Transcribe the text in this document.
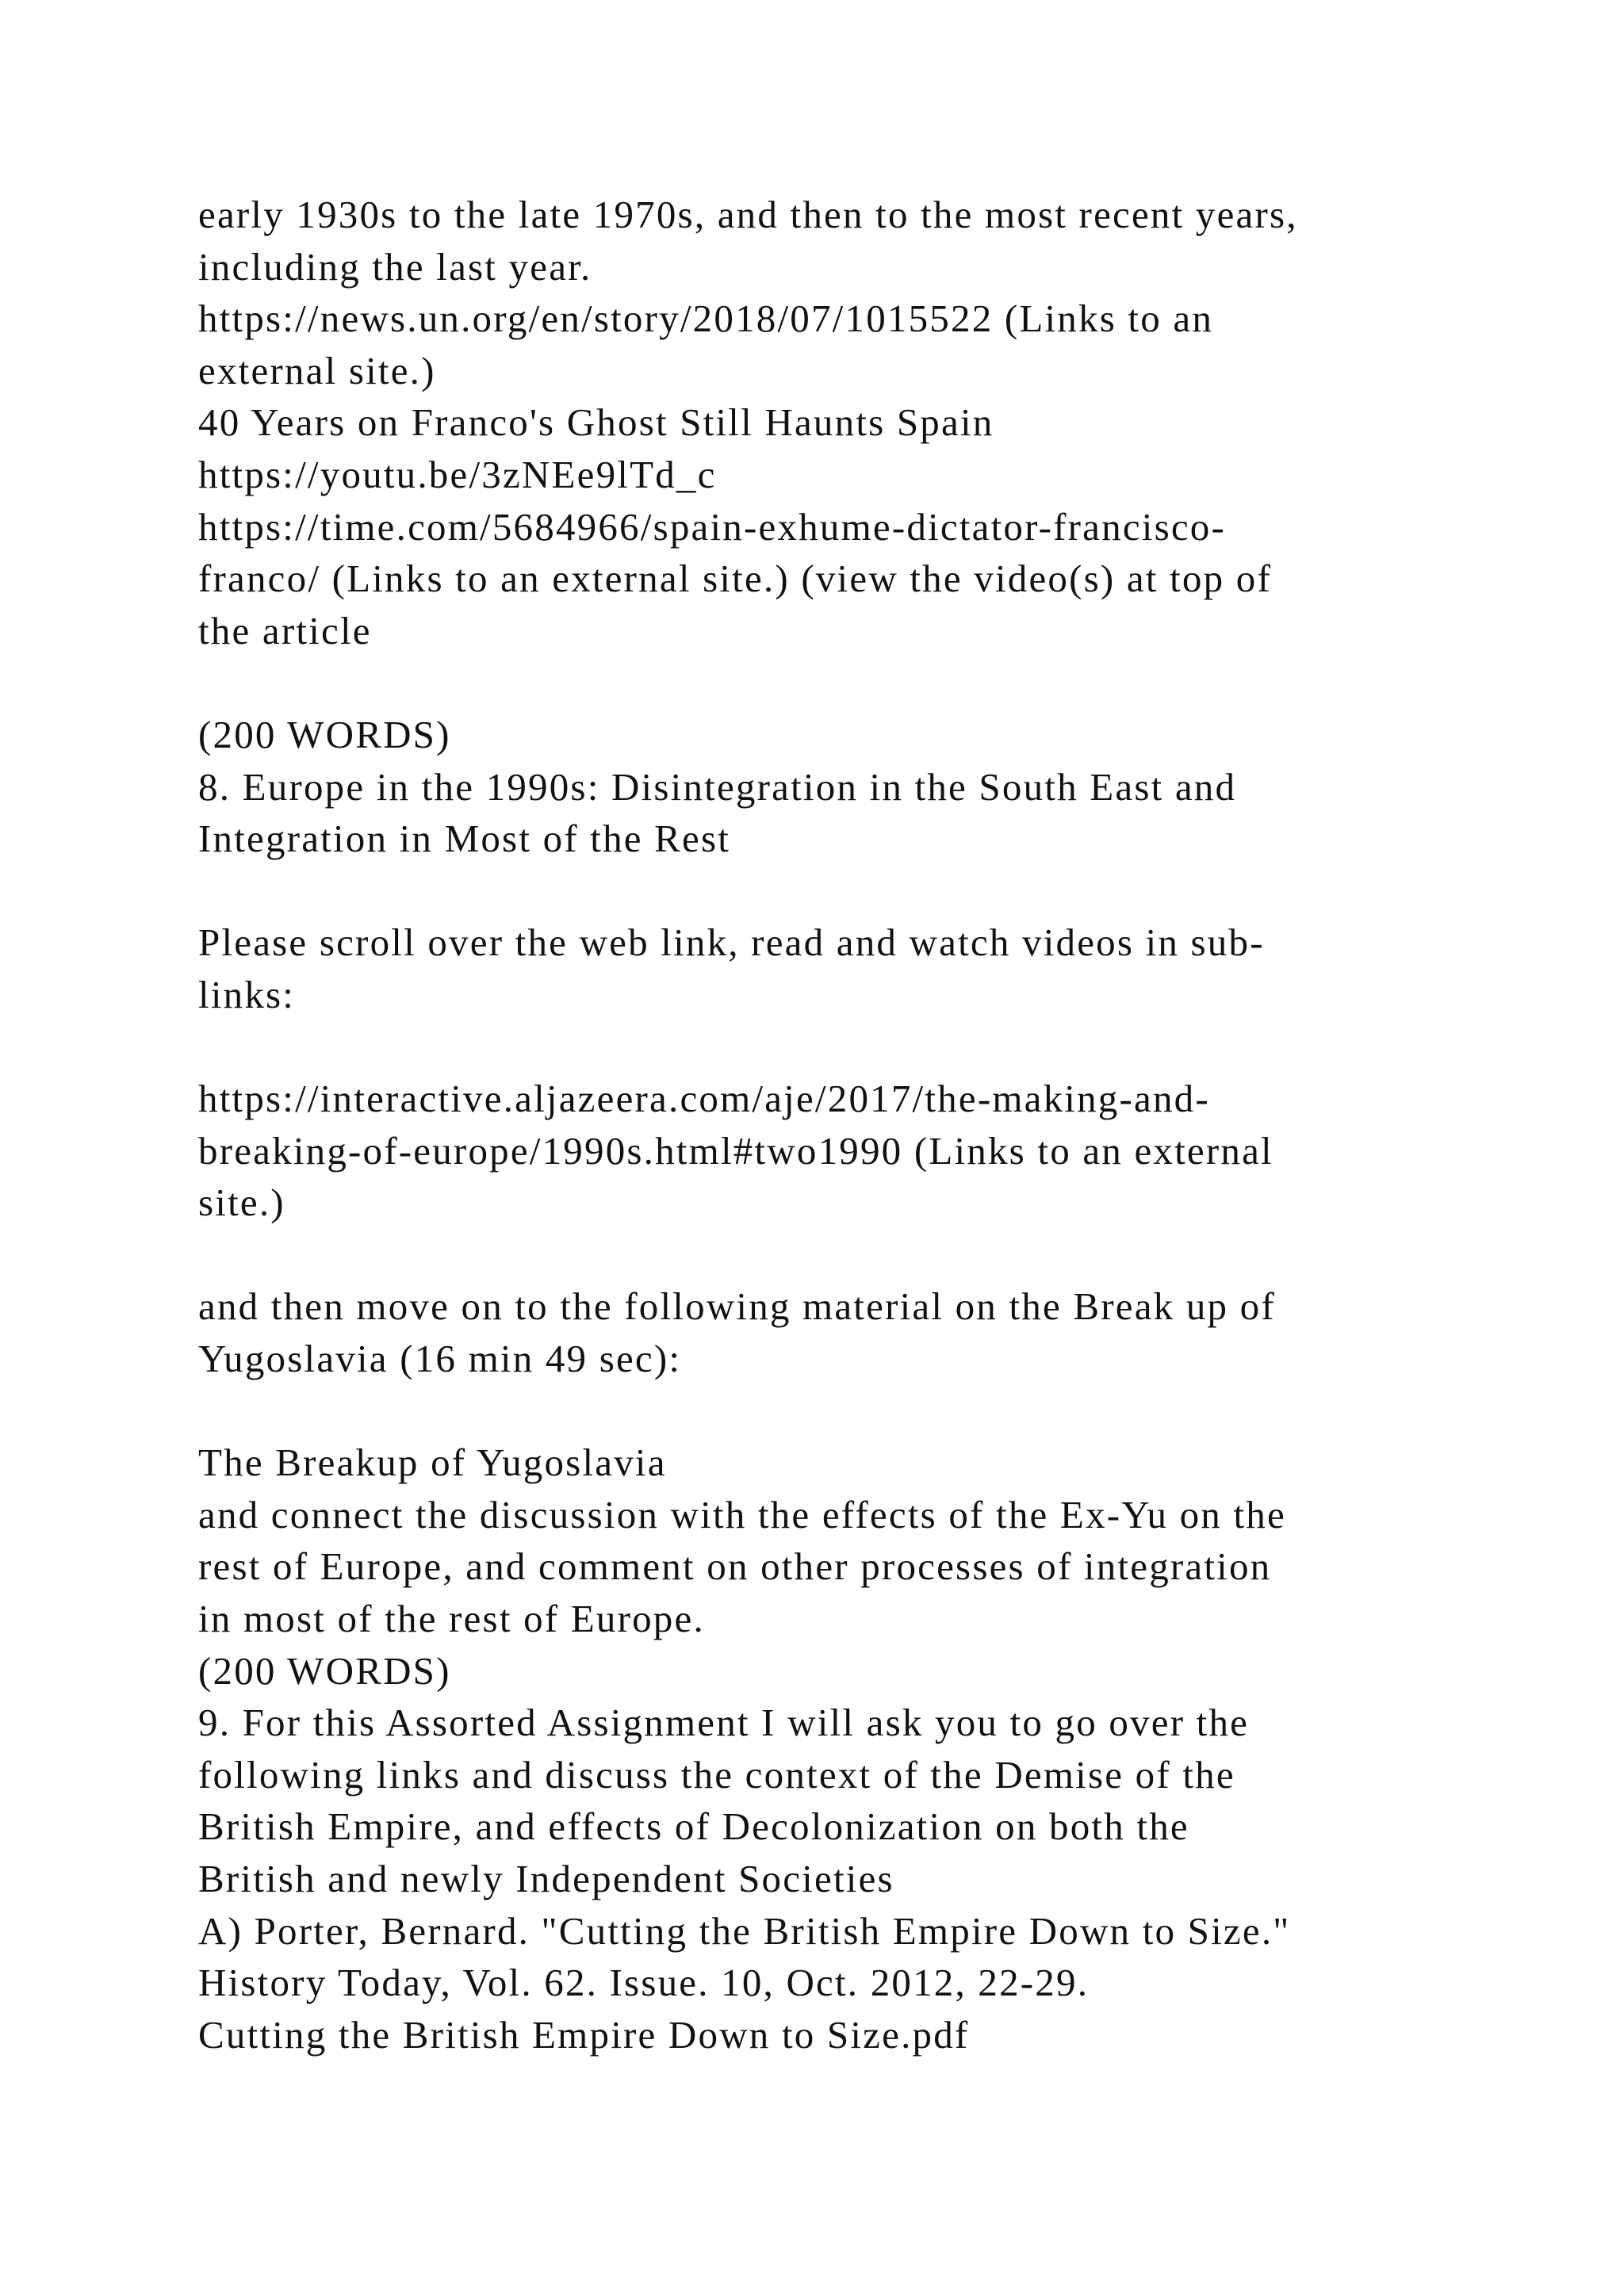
early 1930s to the late 1970s, and then to the most recent years,
including the last year.
https://news.un.org/en/story/2018/07/1015522 (Links to an
external site.)
40 Years on Franco's Ghost Still Haunts Spain
https://youtu.be/3zNEe9lTd_c
https://time.com/5684966/spain-exhume-dictator-francisco-
franco/ (Links to an external site.) (view the video(s) at top of
the article
(200 WORDS)
8. Europe in the 1990s: Disintegration in the South East and
Integration in Most of the Rest
Please scroll over the web link, read and watch videos in sub-
links:
https://interactive.aljazeera.com/aje/2017/the-making-and-
breaking-of-europe/1990s.html#two1990 (Links to an external
site.)
and then move on to the following material on the Break up of
Yugoslavia (16 min 49 sec):
The Breakup of Yugoslavia
and connect the discussion with the effects of the Ex-Yu on the
rest of Europe, and comment on other processes of integration
in most of the rest of Europe.
(200 WORDS)
9. For this Assorted Assignment I will ask you to go over the
following links and discuss the context of the Demise of the
British Empire, and effects of Decolonization on both the
British and newly Independent Societies
A) Porter, Bernard. "Cutting the British Empire Down to Size."
History Today, Vol. 62. Issue. 10, Oct. 2012, 22-29.
Cutting the British Empire Down to Size.pdf
